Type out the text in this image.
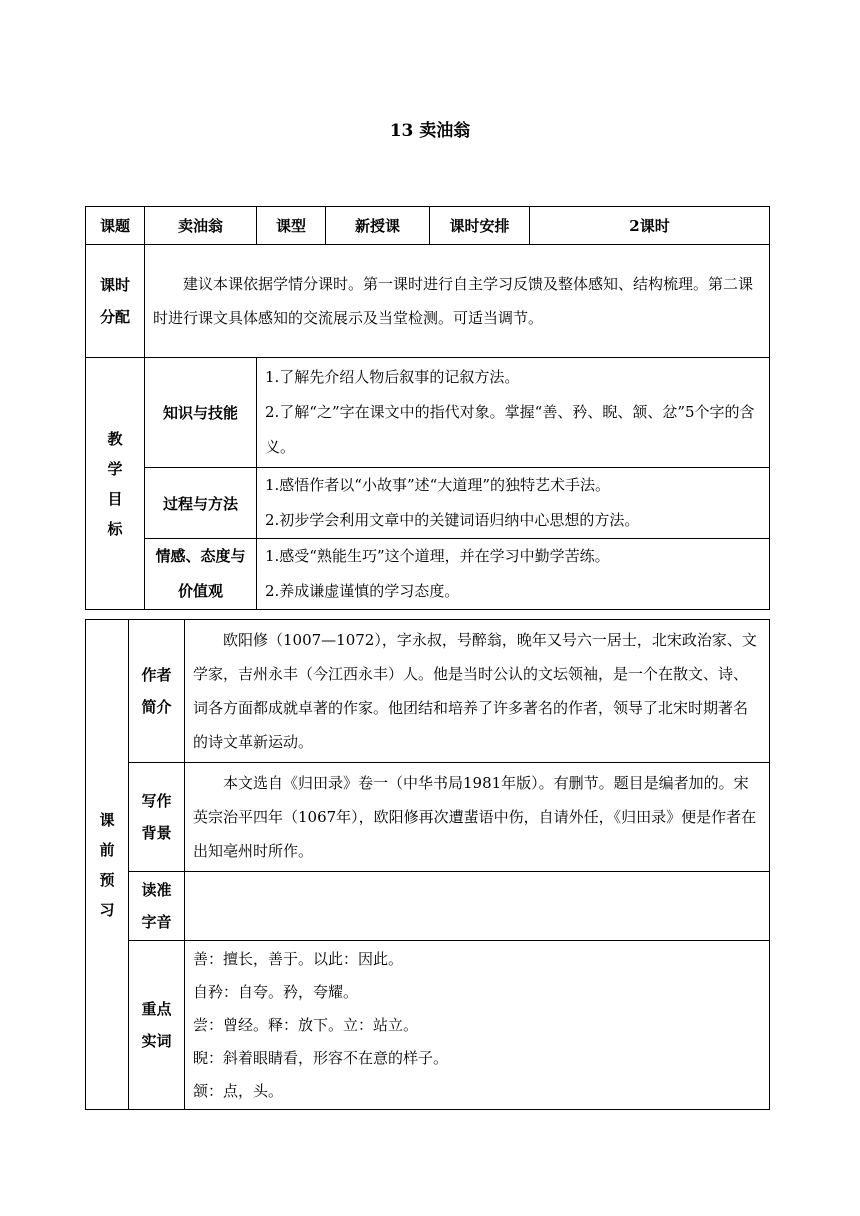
13 卖油翁
课题	卖油翁	课型	新授课	课时安排	2课时

课时
分配	建议本课依据学情分课时。第一课时进行自主学习反馈及整体感知、结构梳理。第二课时进行课文具体感知的交流展示及当堂检测。可适当调节。				

教
学
目
标	知识与技能	1.了解先介绍人物后叙事的记叙方法。
2.了解“之”字在课文中的指代对象。掌握“善、矜、睨、颔、忿”5个字的含义。			

	过程与方法	1.感悟作者以“小故事”述“大道理”的独特艺术手法。
2.初步学会利用文章中的关键词语归纳中心思想的方法。			

	情感、态度与
价值观	1.感受“熟能生巧”这个道理，并在学习中勤学苦练。
2.养成谦虚谨慎的学习态度。			
课
前
预
习	作者
简介	欧阳修（1007—1072），字永叔，号醉翁，晚年又号六一居士，北宋政治家、文学家，吉州永丰（今江西永丰）人。他是当时公认的文坛领袖，是一个在散文、诗、词各方面都成就卓著的作家。他团结和培养了许多著名的作者，领导了北宋时期著名的诗文革新运动。

	写作
背景	本文选自《归田录》卷一（中华书局1981年版）。有删节。题目是编者加的。宋英宗治平四年（1067年），欧阳修再次遭蜚语中伤，自请外任，《归田录》便是作者在出知亳州时所作。

	读准
字音	

	重点
实词	善：擅长，善于。以此：因此。
自矜：自夸。矜，夸耀。
尝：曾经。释：放下。立：站立。
睨：斜着眼睛看，形容不在意的样子。
颔：点，头。
